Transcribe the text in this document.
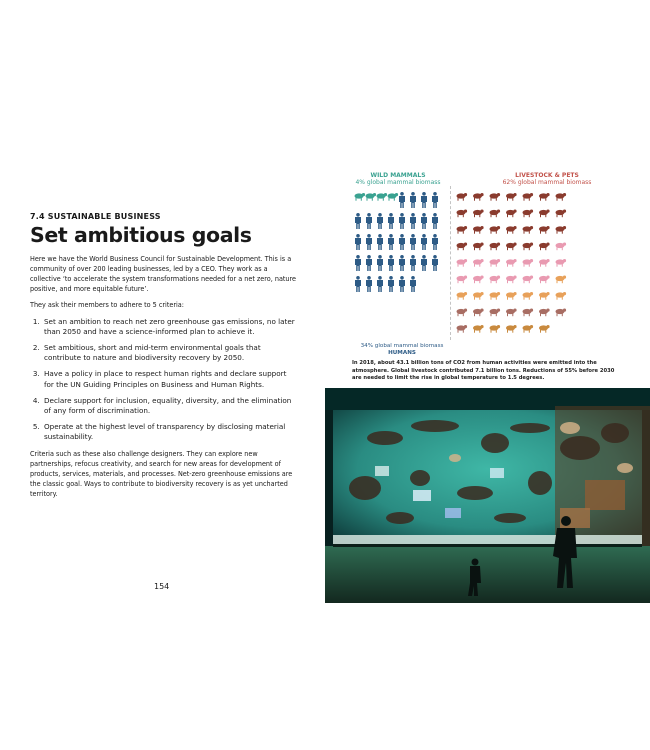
7.4 SUSTAINABLE BUSINESS
Set ambitious goals

Here we have the World Business Council for Sustainable Development. This is a community of over 200 leading businesses, led by a CEO. They work as a collective ‘to accelerate the system transformations needed for a net zero, nature positive, and more equitable future’.

They ask their members to adhere to 5 criteria:

1. Set an ambition to reach net zero greenhouse gas emissions, no later than 2050 and have a science-informed plan to achieve it.
2. Set ambitious, short and mid-term environmental goals that contribute to nature and biodiversity recovery by 2050.
3. Have a policy in place to respect human rights and declare support for the UN Guiding Principles on Business and Human Rights.
4. Declare support for inclusion, equality, diversity, and the elimination of any form of discrimination.
5. Operate at the highest level of transparency by disclosing material sustainability.

Criteria such as these also challenge designers. They can explore new partnerships, refocus creativity, and search for new areas for development of products, services, materials, and processes. Net-zero greenhouse emissions are the classic goal. Ways to contribute to biodiversity recovery is as yet uncharted territory.

154
WILD MAMMALS
4% global mammal biomass
LIVESTOCK & PETS
62% global mammal biomass
34% global mammal biomass
HUMANS
In 2018, about 43.1 billion tons of CO2 from human activities were emitted into the atmosphere. Global livestock contributed 7.1 billion tons. Reductions of 55% before 2030 are needed to limit the rise in global temperature to 1.5 degrees.
